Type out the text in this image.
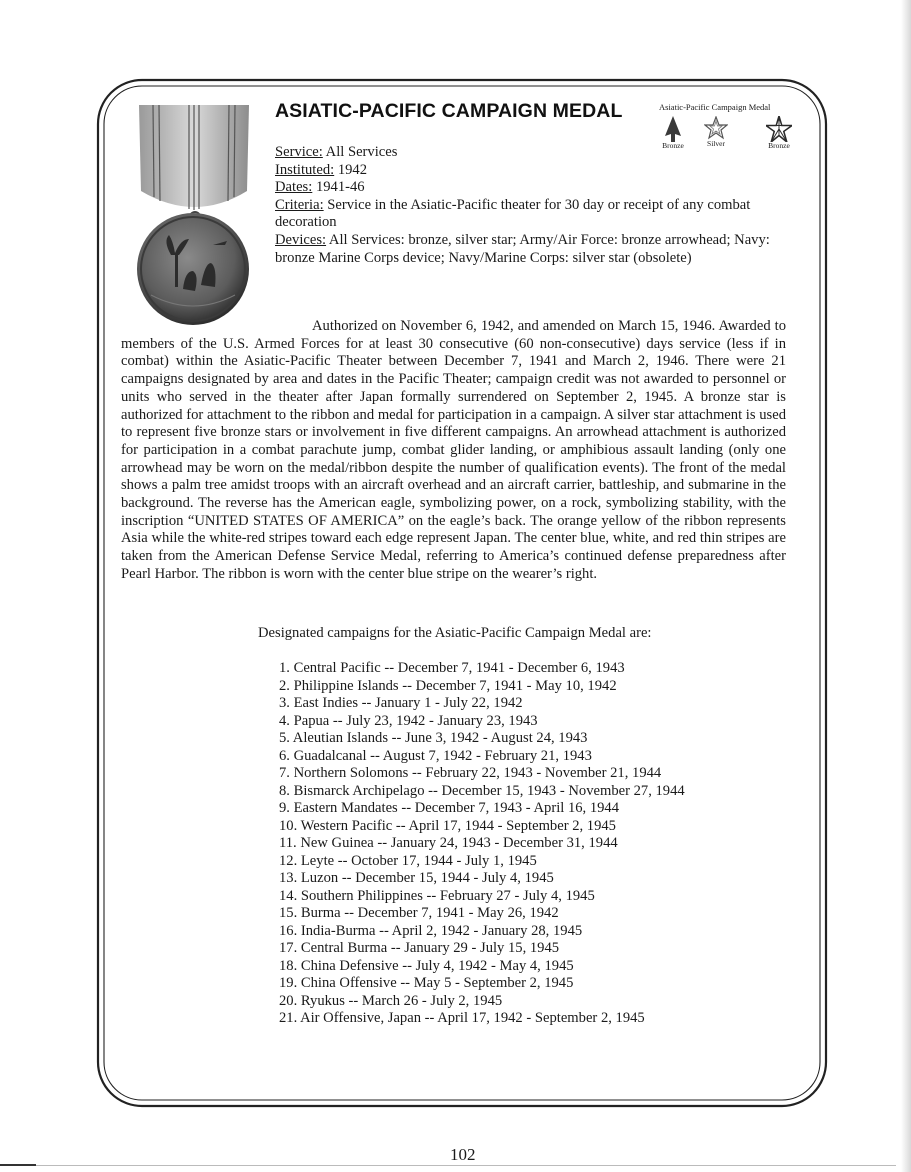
ASIATIC-PACIFIC CAMPAIGN MEDAL	Asiatic-Pacific Campaign Medal
Bronze	Silver	Bronze
Service: All Services
Instituted: 1942
Dates: 1941-46
Criteria: Service in the Asiatic-Pacific theater for 30 day or receipt of any combat decoration
Devices: All Services: bronze, silver star; Army/Air Force: bronze arrowhead; Navy: bronze Marine Corps device; Navy/Marine Corps: silver star (obsolete)

Authorized on November 6, 1942, and amended on March 15, 1946. Awarded to members of the U.S. Armed Forces for at least 30 consecutive (60 non-consecutive) days service (less if in combat) within the Asiatic-Pacific Theater between December 7, 1941 and March 2, 1946. There were 21 campaigns designated by area and dates in the Pacific Theater; campaign credit was not awarded to personnel or units who served in the theater after Japan formally surrendered on September 2, 1945. A bronze star is authorized for attachment to the ribbon and medal for participation in a campaign. A silver star attachment is used to represent five bronze stars or involvement in five different campaigns. An arrowhead attachment is authorized for participation in a combat parachute jump, combat glider landing, or amphibious assault landing (only one arrowhead may be worn on the medal/ribbon despite the number of qualification events). The front of the medal shows a palm tree amidst troops with an aircraft overhead and an aircraft carrier, battleship, and submarine in the background. The reverse has the American eagle, symbolizing power, on a rock, symbolizing stability, with the inscription “UNITED STATES OF AMERICA” on the eagle’s back. The orange yellow of the ribbon represents Asia while the white-red stripes toward each edge represent Japan. The center blue, white, and red thin stripes are taken from the American Defense Service Medal, referring to America’s continued defense preparedness after Pearl Harbor. The ribbon is worn with the center blue stripe on the wearer’s right.

Designated campaigns for the Asiatic-Pacific Campaign Medal are:

1. Central Pacific -- December 7, 1941 - December 6, 1943
2. Philippine Islands -- December 7, 1941 - May 10, 1942
3. East Indies -- January 1 - July 22, 1942
4. Papua -- July 23, 1942 - January 23, 1943
5. Aleutian Islands -- June 3, 1942 - August 24, 1943
6. Guadalcanal -- August 7, 1942 - February 21, 1943
7. Northern Solomons -- February 22, 1943 - November 21, 1944
8. Bismarck Archipelago -- December 15, 1943 - November 27, 1944
9. Eastern Mandates -- December 7, 1943 - April 16, 1944
10. Western Pacific -- April 17, 1944 - September 2, 1945
11. New Guinea -- January 24, 1943 - December 31, 1944
12. Leyte -- October 17, 1944 - July 1, 1945
13. Luzon -- December 15, 1944 - July 4, 1945
14. Southern Philippines -- February 27 - July 4, 1945
15. Burma -- December 7, 1941 - May 26, 1942
16. India-Burma -- April 2, 1942 - January 28, 1945
17. Central Burma -- January 29 - July 15, 1945
18. China Defensive -- July 4, 1942 - May 4, 1945
19. China Offensive -- May 5 - September 2, 1945
20. Ryukus -- March 26 - July 2, 1945
21. Air Offensive, Japan -- April 17, 1942 - September 2, 1945
102
